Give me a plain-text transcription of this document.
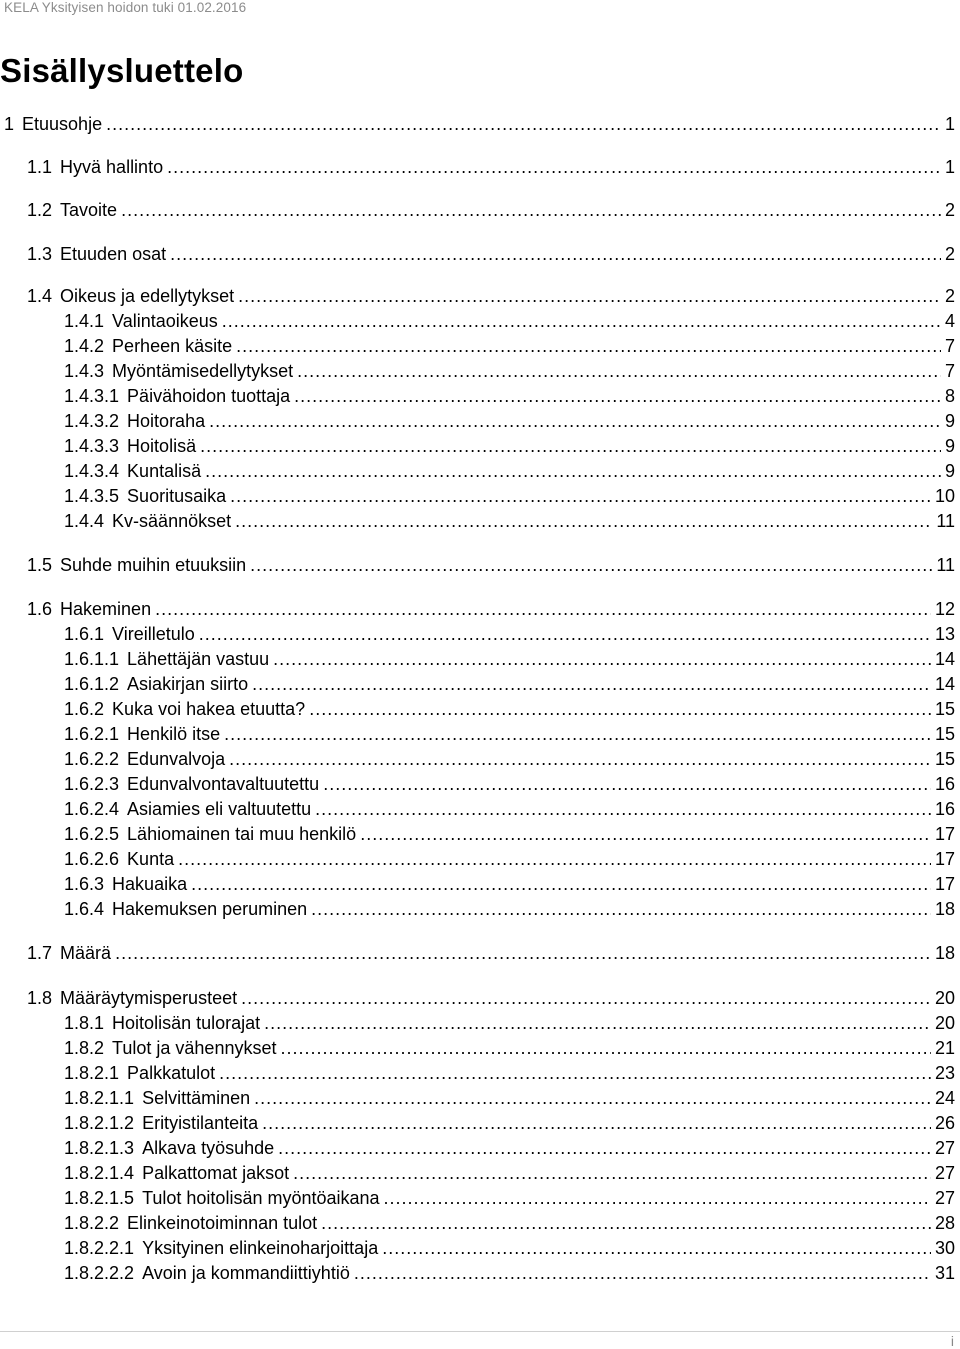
KELA Yksityisen hoidon tuki 01.02.2016
Sisällysluettelo
1 Etuusohje .....	1
1.1 Hyvä hallinto .....	1
1.2 Tavoite .....	2
1.3 Etuuden osat .....	2
1.4 Oikeus ja edellytykset .....	2
1.4.1 Valintaoikeus .....	4
1.4.2 Perheen käsite .....	7
1.4.3 Myöntämisedellytykset .....	7
1.4.3.1 Päivähoidon tuottaja .....	8
1.4.3.2 Hoitoraha .....	9
1.4.3.3 Hoitolisä .....	9
1.4.3.4 Kuntalisä .....	9
1.4.3.5 Suoritusaika .....	10
1.4.4 Kv-säännökset .....	11
1.5 Suhde muihin etuuksiin .....	11
1.6 Hakeminen .....	12
1.6.1 Vireilletulo .....	13
1.6.1.1 Lähettäjän vastuu .....	14
1.6.1.2 Asiakirjan siirto .....	14
1.6.2 Kuka voi hakea etuutta? .....	15
1.6.2.1 Henkilö itse .....	15
1.6.2.2 Edunvalvoja .....	15
1.6.2.3 Edunvalvontavaltuutettu .....	16
1.6.2.4 Asiamies eli valtuutettu .....	16
1.6.2.5 Lähiomainen tai muu henkilö .....	17
1.6.2.6 Kunta .....	17
1.6.3 Hakuaika .....	17
1.6.4 Hakemuksen peruminen .....	18
1.7 Määrä .....	18
1.8 Määräytymisperusteet .....	20
1.8.1 Hoitolisän tulorajat .....	20
1.8.2 Tulot ja vähennykset .....	21
1.8.2.1 Palkkatulot .....	23
1.8.2.1.1 Selvittäminen .....	24
1.8.2.1.2 Erityistilanteita .....	26
1.8.2.1.3 Alkava työsuhde .....	27
1.8.2.1.4 Palkattomat jaksot .....	27
1.8.2.1.5 Tulot hoitolisän myöntöaikana .....	27
1.8.2.2 Elinkeinotoiminnan tulot .....	28
1.8.2.2.1 Yksityinen elinkeinoharjoittaja .....	30
1.8.2.2.2 Avoin ja kommandiittiyhtiö .....	31
i
